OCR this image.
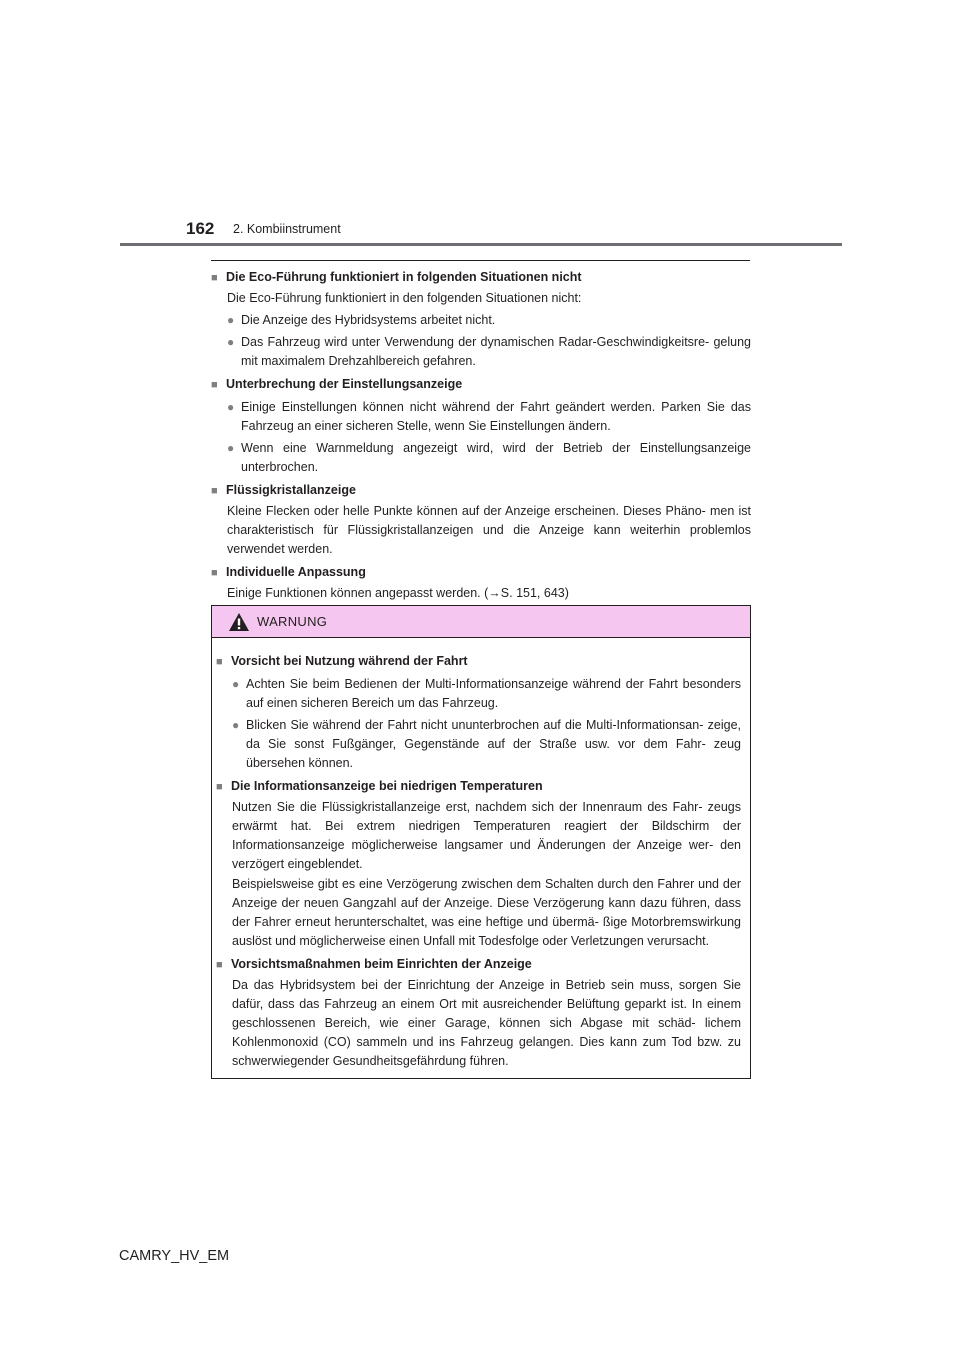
162 2. Kombiinstrument
■ Die Eco-Führung funktioniert in folgenden Situationen nicht
Die Eco-Führung funktioniert in den folgenden Situationen nicht:
● Die Anzeige des Hybridsystems arbeitet nicht.
● Das Fahrzeug wird unter Verwendung der dynamischen Radar-Geschwindigkeitsre- gelung mit maximalem Drehzahlbereich gefahren.
■ Unterbrechung der Einstellungsanzeige
● Einige Einstellungen können nicht während der Fahrt geändert werden. Parken Sie das Fahrzeug an einer sicheren Stelle, wenn Sie Einstellungen ändern.
● Wenn eine Warnmeldung angezeigt wird, wird der Betrieb der Einstellungsanzeige unterbrochen.
■ Flüssigkristallanzeige
Kleine Flecken oder helle Punkte können auf der Anzeige erscheinen. Dieses Phäno- men ist charakteristisch für Flüssigkristallanzeigen und die Anzeige kann weiterhin problemlos verwendet werden.
■ Individuelle Anpassung
Einige Funktionen können angepasst werden. (→S. 151, 643)
WARNUNG
■ Vorsicht bei Nutzung während der Fahrt
● Achten Sie beim Bedienen der Multi-Informationsanzeige während der Fahrt besonders auf einen sicheren Bereich um das Fahrzeug.
● Blicken Sie während der Fahrt nicht ununterbrochen auf die Multi-Informationsan- zeige, da Sie sonst Fußgänger, Gegenstände auf der Straße usw. vor dem Fahr- zeug übersehen können.
■ Die Informationsanzeige bei niedrigen Temperaturen
Nutzen Sie die Flüssigkristallanzeige erst, nachdem sich der Innenraum des Fahr- zeugs erwärmt hat. Bei extrem niedrigen Temperaturen reagiert der Bildschirm der Informationsanzeige möglicherweise langsamer und Änderungen der Anzeige wer- den verzögert eingeblendet.
Beispielsweise gibt es eine Verzögerung zwischen dem Schalten durch den Fahrer und der Anzeige der neuen Gangzahl auf der Anzeige. Diese Verzögerung kann dazu führen, dass der Fahrer erneut herunterschaltet, was eine heftige und übermä- ßige Motorbremswirkung auslöst und möglicherweise einen Unfall mit Todesfolge oder Verletzungen verursacht.
■ Vorsichtsmaßnahmen beim Einrichten der Anzeige
Da das Hybridsystem bei der Einrichtung der Anzeige in Betrieb sein muss, sorgen Sie dafür, dass das Fahrzeug an einem Ort mit ausreichender Belüftung geparkt ist. In einem geschlossenen Bereich, wie einer Garage, können sich Abgase mit schäd- lichem Kohlenmonoxid (CO) sammeln und ins Fahrzeug gelangen. Dies kann zum Tod bzw. zu schwerwiegender Gesundheitsgefährdung führen.
CAMRY_HV_EM
